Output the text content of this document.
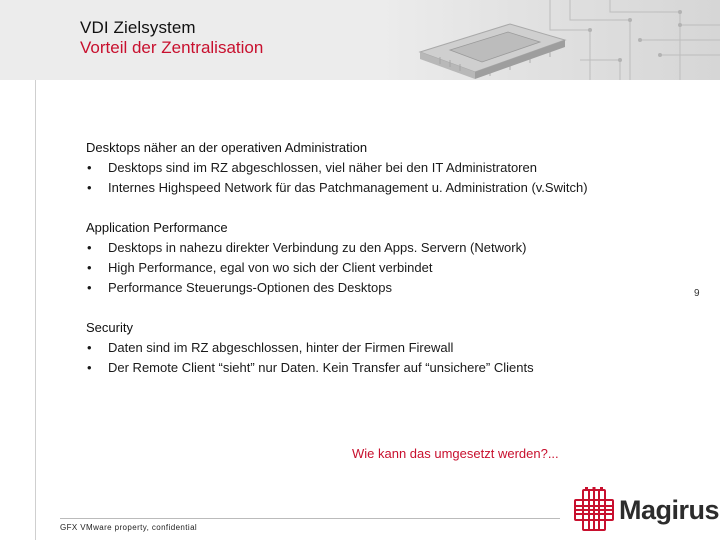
VDI Zielsystem
Vorteil der Zentralisation
Desktops näher an der operativen Administration
•	Desktops sind im RZ abgeschlossen, viel näher bei den IT Administratoren
•	Internes Highspeed Network für das Patchmanagement u. Administration (v.Switch)
Application Performance
•	Desktops in nahezu direkter Verbindung zu den Apps. Servern (Network)
•	High Performance, egal von wo sich der Client verbindet
•	Performance Steuerungs-Optionen des Desktops
Security
•	Daten sind im RZ abgeschlossen, hinter der Firmen Firewall
•	Der Remote Client “sieht” nur Daten. Kein Transfer auf “unsichere” Clients
Wie kann das umgesetzt werden?...
9
GFX VMware property, confidential
Magirus
